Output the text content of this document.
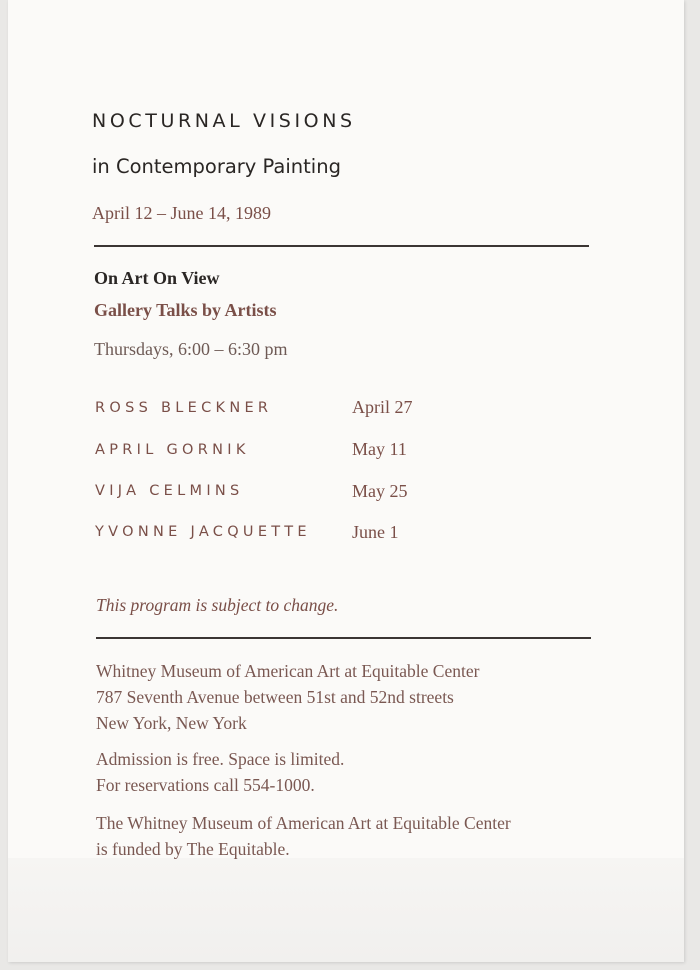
NOCTURNAL VISIONS

in Contemporary Painting

April 12 – June 14, 1989

On Art On View

Gallery Talks by Artists

Thursdays, 6:00 – 6:30 pm

ROSS BLECKNER	April 27

APRIL GORNIK	May 11

VIJA CELMINS	May 25

YVONNE JACQUETTE June 1

This program is subject to change.

Whitney Museum of American Art at Equitable Center

787 Seventh Avenue between 51st and 52nd streets

New York, New York

Admission is free. Space is limited.

For reservations call 554-1000.

The Whitney Museum of American Art at Equitable Center

is funded by The Equitable.
